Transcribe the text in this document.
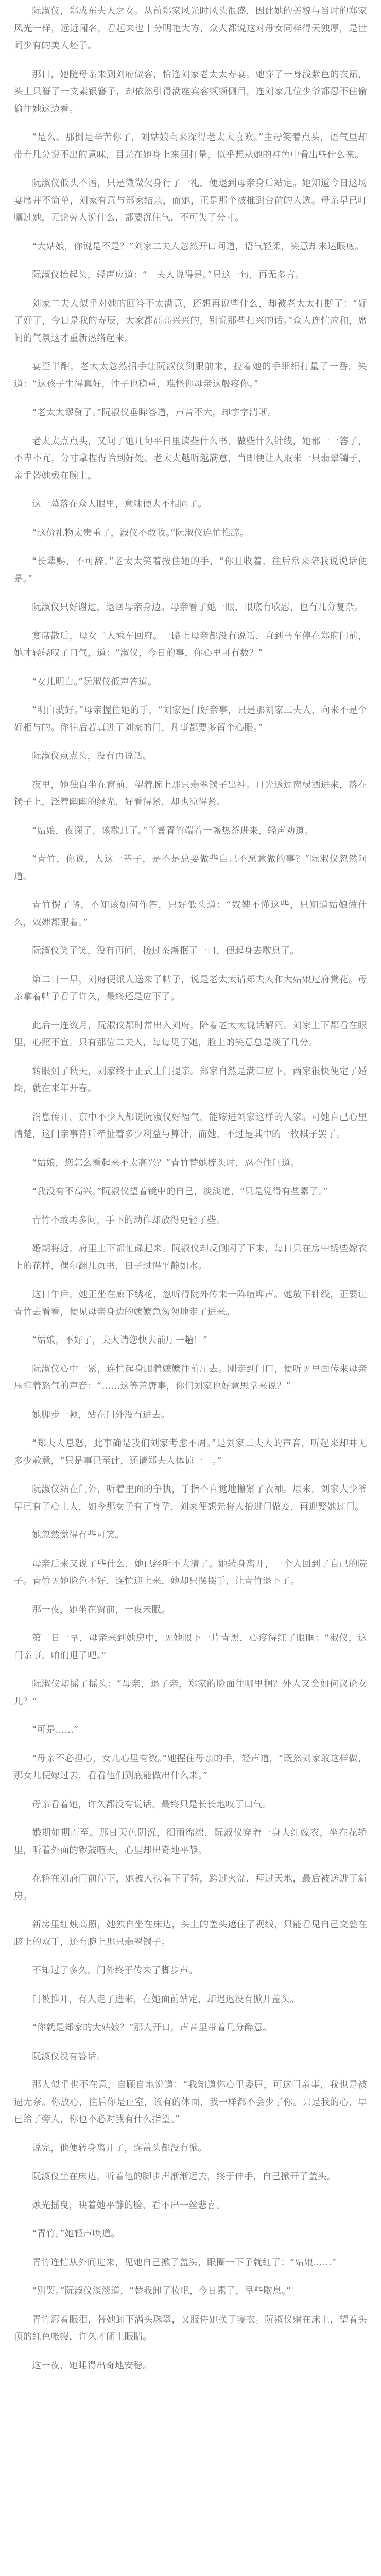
阮淑仪，郑成东夫人之女。从前郑家风光时风头很盛，因此她的美貌与当时的郑家风光一样，远近闻名，看起来也十分明艳大方，众人都说这对母女同样得天独厚，是世间少有的美人坯子。

那日，她随母亲来到刘府做客，恰逢刘家老太太寿宴。她穿了一身浅紫色的衣裙，头上只簪了一支素银簪子，却依然引得满座宾客频频侧目，连刘家几位少爷都忍不住偷偷往她这边看。

“是么。那倒是辛苦你了，刘姑娘向来深得老太太喜欢。”主母笑着点头，语气里却带着几分说不出的意味，目光在她身上来回打量，似乎想从她的神色中看出些什么来。

阮淑仪低头不语，只是微微欠身行了一礼，便退到母亲身后站定。她知道今日这场宴席并不简单，刘家有意与郑家结亲，而她，正是那个被推到台前的人选。母亲早已叮嘱过她，无论旁人说什么，都要沉住气，不可失了分寸。

“大姑娘，你说是不是？”刘家二夫人忽然开口问道，语气轻柔，笑意却未达眼底。

阮淑仪抬起头，轻声应道：“二夫人说得是。”只这一句，再无多言。

刘家二夫人似乎对她的回答不太满意，还想再说些什么，却被老太太打断了：“好了好了，今日是我的寿辰，大家都高高兴兴的，别说那些扫兴的话。”众人连忙应和，席间的气氛这才重新热络起来。

宴至半酣，老太太忽然招手让阮淑仪到跟前来，拉着她的手细细打量了一番，笑道：“这孩子生得真好，性子也稳重，难怪你母亲这般疼你。”

“老太太谬赞了。”阮淑仪垂眸答道，声音不大，却字字清晰。

老太太点点头，又问了她几句平日里读些什么书、做些什么针线，她都一一答了，不卑不亢，分寸拿捏得恰到好处。老太太越听越满意，当即便让人取来一只翡翠镯子，亲手替她戴在腕上。

这一幕落在众人眼里，意味便大不相同了。

“这份礼物太贵重了，淑仪不敢收。”阮淑仪连忙推辞。

“长辈赐，不可辞。”老太太笑着按住她的手，“你且收着，往后常来陪我说说话便是。”

阮淑仪只好谢过，退回母亲身边。母亲看了她一眼，眼底有欣慰，也有几分复杂。

宴席散后，母女二人乘车回府。一路上母亲都没有说话，直到马车停在郑府门前，她才轻轻叹了口气，道：“淑仪，今日的事，你心里可有数？”

“女儿明白。”阮淑仪低声答道。

“明白就好。”母亲握住她的手，“刘家是门好亲事，只是那刘家二夫人，向来不是个好相与的。你往后若真进了刘家的门，凡事都要多留个心眼。”

阮淑仪点点头，没有再说话。

夜里，她独自坐在窗前，望着腕上那只翡翠镯子出神。月光透过窗棂洒进来，落在镯子上，泛着幽幽的绿光，好看得紧，却也凉得紧。

“姑娘，夜深了，该歇息了。”丫鬟青竹端着一盏热茶进来，轻声劝道。

“青竹，你说，人这一辈子，是不是总要做些自己不愿意做的事？”阮淑仪忽然问道。

青竹愣了愣，不知该如何作答，只好低头道：“奴婢不懂这些，只知道姑娘做什么，奴婢都跟着。”

阮淑仪笑了笑，没有再问，接过茶盏抿了一口，便起身去歇息了。

第二日一早，刘府便派人送来了帖子，说是老太太请郑夫人和大姑娘过府赏花。母亲拿着帖子看了许久，最终还是应下了。

此后一连数月，阮淑仪都时常出入刘府，陪着老太太说话解闷。刘家上下都看在眼里，心照不宣。只有那位二夫人，每每见了她，脸上的笑意总是淡了几分。

转眼到了秋天，刘家终于正式上门提亲。郑家自然是满口应下，两家很快便定了婚期，就在来年开春。

消息传开，京中不少人都说阮淑仪好福气，能嫁进刘家这样的人家。可她自己心里清楚，这门亲事背后牵扯着多少利益与算计，而她，不过是其中的一枚棋子罢了。

“姑娘，您怎么看起来不太高兴？”青竹替她梳头时，忍不住问道。

“我没有不高兴。”阮淑仪望着镜中的自己，淡淡道，“只是觉得有些累了。”

青竹不敢再多问，手下的动作却放得更轻了些。

婚期将近，府里上下都忙碌起来。阮淑仪却反倒闲了下来，每日只在房中绣些嫁衣上的花样，偶尔翻几页书，日子过得平静如水。

这日午后，她正坐在廊下绣花，忽听得院外传来一阵喧哗声。她放下针线，正要让青竹去看看，便见母亲身边的嬷嬷急匆匆地走了进来。

“姑娘，不好了，夫人请您快去前厅一趟！”

阮淑仪心中一紧，连忙起身跟着嬷嬷往前厅去。刚走到门口，便听见里面传来母亲压抑着怒气的声音：“……这等荒唐事，你们刘家也好意思拿来说？”

她脚步一顿，站在门外没有进去。

“郑夫人息怒，此事确是我们刘家考虑不周。”是刘家二夫人的声音，听起来却并无多少歉意，“只是事已至此，还请郑夫人体谅一二。”

阮淑仪站在门外，听着里面的争执，手指不自觉地攥紧了衣袖。原来，刘家大少爷早已有了心上人，如今那女子有了身孕，刘家便想先将人抬进门做妾，再迎娶她过门。

她忽然觉得有些可笑。

母亲后来又说了些什么，她已经听不大清了。她转身离开，一个人回到了自己的院子。青竹见她脸色不好，连忙迎上来，她却只摆摆手，让青竹退下了。

那一夜，她坐在窗前，一夜未眠。

第二日一早，母亲来到她房中，见她眼下一片青黑，心疼得红了眼眶：“淑仪，这门亲事，咱们退了吧。”

阮淑仪却摇了摇头：“母亲，退了亲，郑家的脸面往哪里搁？外人又会如何议论女儿？”

“可是……”

“母亲不必担心，女儿心里有数。”她握住母亲的手，轻声道，“既然刘家敢这样做，那女儿便嫁过去，看看他们到底能做出什么来。”

母亲看着她，许久都没有说话，最终只是长长地叹了口气。

婚期如期而至。那日天色阴沉，细雨绵绵，阮淑仪穿着一身大红嫁衣，坐在花轿里，听着外面的锣鼓喧天，心里却出奇地平静。

花轿在刘府门前停下，她被人扶着下了轿，跨过火盆，拜过天地，最后被送进了新房。

新房里红烛高照，她独自坐在床边，头上的盖头遮住了视线，只能看见自己交叠在膝上的双手，还有腕上那只翡翠镯子。

不知过了多久，门外终于传来了脚步声。

门被推开，有人走了进来，在她面前站定，却迟迟没有掀开盖头。

“你就是郑家的大姑娘？”那人开口，声音里带着几分醉意。

阮淑仪没有答话。

那人似乎也不在意，自顾自地说道：“我知道你心里委屈，可这门亲事，我也是被逼无奈。你放心，往后你是正室，该有的体面，我一样都不会少了你。只是我的心，早已给了旁人，你也不必对我有什么指望。”

说完，他便转身离开了，连盖头都没有掀。

阮淑仪坐在床边，听着他的脚步声渐渐远去，终于伸手，自己掀开了盖头。

烛光摇曳，映着她平静的脸，看不出一丝悲喜。

“青竹。”她轻声唤道。

青竹连忙从外间进来，见她自己掀了盖头，眼圈一下子就红了：“姑娘……”

“别哭。”阮淑仪淡淡道，“替我卸了妆吧，今日累了，早些歇息。”

青竹忍着眼泪，替她卸下满头珠翠，又服侍她换了寝衣。阮淑仪躺在床上，望着头顶的红色帐幔，许久才闭上眼睛。

这一夜，她睡得出奇地安稳。
